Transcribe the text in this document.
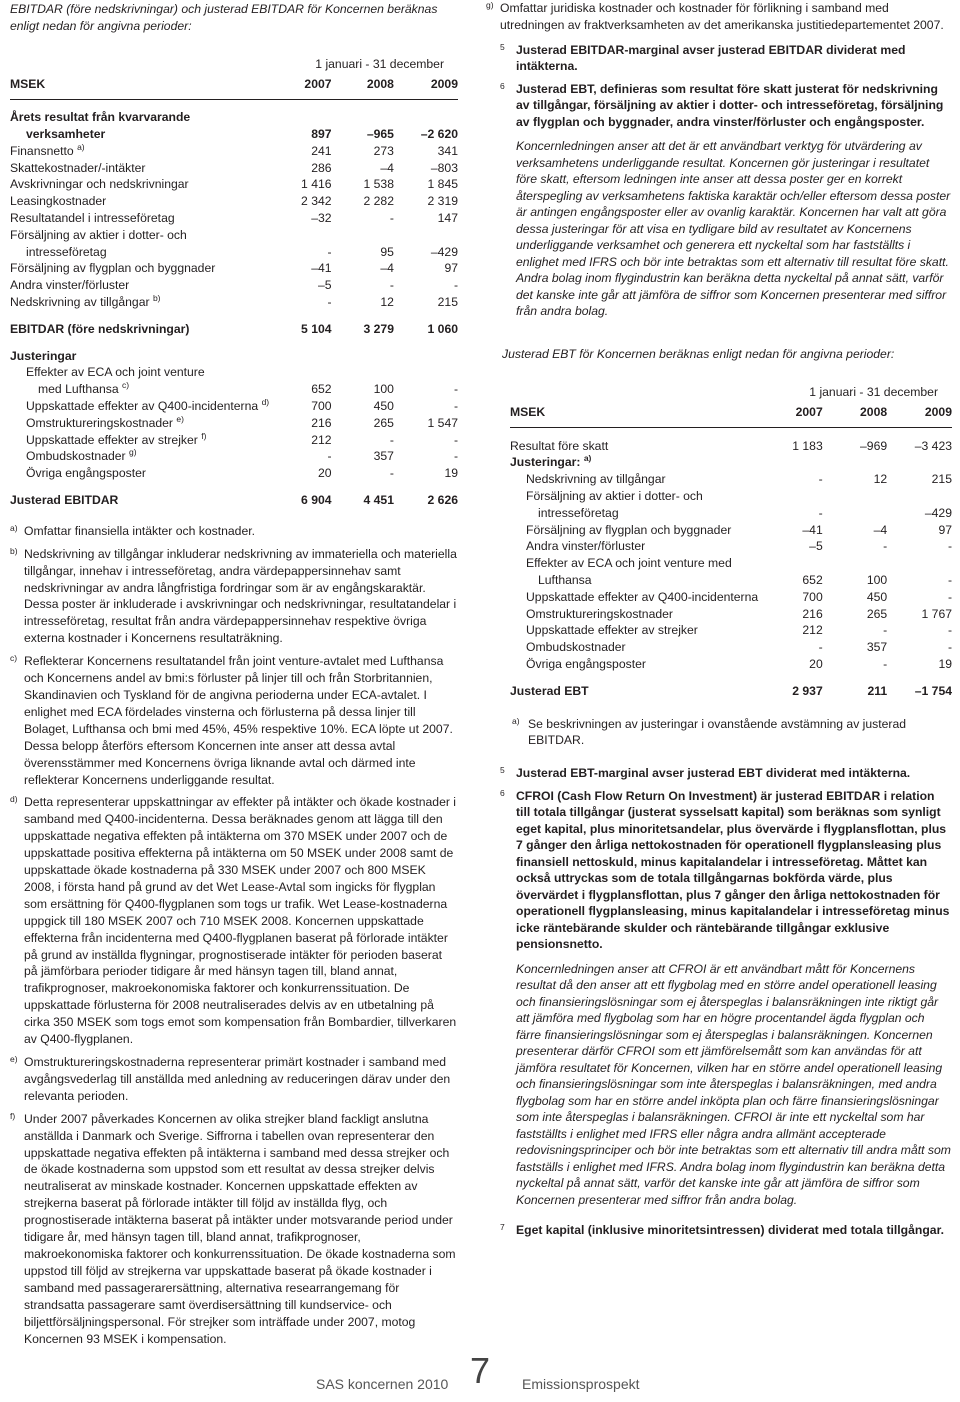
EBITDAR (före nedskrivningar) och justerad EBITDAR för Koncernen beräknas enligt nedan för angivna perioder:

1 januari - 31 december
MSEK	2007	2008	2009

Årets resultat från kvarvarande			
verksamheter	897	–965	–2 620
Finansnetto $^{a)}$	241	273	341
Skattekostnader/-intäkter	286	–4	–803
Avskrivningar och nedskrivningar	1 416	1 538	1 845
Leasingkostnader	2 342	2 282	2 319
Resultatandel i intresseföretag	–32	-	147
Försäljning av aktier i dotter- och			
intresseföretag	-	95	–429
Försäljning av flygplan och byggnader	–41	–4	97
Andra vinster/förluster	–5	-	-
Nedskrivning av tillgångar $^{b)}$	-	12	215

EBITDAR (före nedskrivningar)	5 104	3 279	1 060

Justeringar			
Effekter av ECA och joint venture			
med Lufthansa $^{c)}$	652	100	-
Uppskattade effekter av Q400-incidenterna $^{d)}$	700	450	-
Omstruktureringskostnader $^{e)}$	216	265	1 547
Uppskattade effekter av strejker $^{f)}$	212	-	-
Ombudskostnader $^{g)}$	-	357	-
Övriga engångsposter	20	-	19

Justerad EBITDAR	6 904	4 451	2 626
a) Omfattar finansiella intäkter och kostnader.
b) Nedskrivning av tillgångar inkluderar nedskrivning av immateriella och materiella tillgångar, innehav i intresseföretag, andra värdepappersinnehav samt nedskrivningar av andra långfristiga fordringar som är av engångskaraktär. Dessa poster är inkluderade i avskrivningar och nedskrivningar, resultatandelar i intresseföretag, resultat från andra värdepappersinnehav respektive övriga externa kostnader i Koncernens resultaträkning.
c) Reflekterar Koncernens resultatandel från joint venture-avtalet med Lufthansa och Koncernens andel av bmi:s förluster på linjer till och från Storbritannien, Skandinavien och Tyskland för de angivna perioderna under ECA-avtalet. I enlighet med ECA fördelades vinsterna och förlusterna på dessa linjer till Bolaget, Lufthansa och bmi med 45%, 45% respektive 10%. ECA löpte ut 2007. Dessa belopp återförs eftersom Koncernen inte anser att dessa avtal överensstämmer med Koncernens övriga liknande avtal och därmed inte reflekterar Koncernens underliggande resultat.
d) Detta representerar uppskattningar av effekter på intäkter och ökade kostnader i samband med Q400-incidenterna. Dessa beräknades genom att lägga till den uppskattade negativa effekten på intäkterna om 370 MSEK under 2007 och de uppskattade positiva effekterna på intäkterna om 50 MSEK under 2008 samt de uppskattade ökade kostnaderna på 330 MSEK under 2007 och 800 MSEK 2008, i första hand på grund av det Wet Lease-Avtal som ingicks för flygplan som ersättning för Q400-flygplanen som togs ur trafik. Wet Lease-kostnaderna uppgick till 180 MSEK 2007 och 710 MSEK 2008. Koncernen uppskattade effekterna från incidenterna med Q400-flygplanen baserat på förlorade intäkter på grund av inställda flygningar, prognostiserade intäkter för perioden baserat på jämförbara perioder tidigare år med hänsyn tagen till, bland annat, trafikprognoser, makroekonomiska faktorer och konkurrenssituation. De uppskattade förlusterna för 2008 neutraliserades delvis av en utbetalning på cirka 350 MSEK som togs emot som kompensation från Bombardier, tillverkaren av Q400-flygplanen.
e) Omstruktureringskostnaderna representerar primärt kostnader i samband med avgångsvederlag till anställda med anledning av reduceringen därav under den relevanta perioden.
f) Under 2007 påverkades Koncernen av olika strejker bland fackligt anslutna anställda i Danmark och Sverige. Siffrorna i tabellen ovan representerar den uppskattade negativa effekten på intäkterna i samband med dessa strejker och de ökade kostnaderna som uppstod som ett resultat av dessa strejker delvis neutraliserat av minskade kostnader. Koncernen uppskattade effekten av strejkerna baserat på förlorade intäkter till följd av inställda flyg, och prognostiserade intäkterna baserat på intäkter under motsvarande period under tidigare år, med hänsyn tagen till, bland annat, trafikprognoser, makroekonomiska faktorer och konkurrenssituation. De ökade kostnaderna som uppstod till följd av strejkerna var uppskattade baserat på ökade kostnader i samband med passagerarersättning, alternativa researrangemang för strandsatta passagerare samt överdisersättning till kundservice- och biljettförsäljningspersonal. För strejker som inträffade under 2007, motog Koncernen 93 MSEK i kompensation.
g) Omfattar juridiska kostnader och kostnader för förlikning i samband med utredningen av fraktverksamheten av det amerikanska justitiedepartementet 2007.
5 Justerad EBITDAR-marginal avser justerad EBITDAR dividerat med intäkterna.
6 Justerad EBT, definieras som resultat före skatt justerat för nedskrivning av tillgångar, försäljning av aktier i dotter- och intresseföretag, försäljning av flygplan och byggnader, andra vinster/förluster och engångsposter.

Koncernledningen anser att det är ett användbart verktyg för utvärdering av verksamhetens underliggande resultat. Koncernen gör justeringar i resultatet före skatt, eftersom ledningen inte anser att dessa poster ger en korrekt återspegling av verksamhetens faktiska karaktär och/eller eftersom dessa poster är antingen engångsposter eller av ovanlig karaktär. Koncernen har valt att göra dessa justeringar för att visa en tydligare bild av resultatet av Koncernens underliggande verksamhet och generera ett nyckeltal som har fastställts i enlighet med IFRS och bör inte betraktas som ett alternativ till resultat före skatt. Andra bolag inom flygindustrin kan beräkna detta nyckeltal på annat sätt, varför det kanske inte går att jämföra de siffror som Koncernen presenterar med siffror från andra bolag.

Justerad EBT för Koncernen beräknas enligt nedan för angivna perioder:

1 januari - 31 december
MSEK	2007	2008	2009

Resultat före skatt	1 183	–969	–3 423
Justeringar: $^{a)}$			
Nedskrivning av tillgångar	-	12	215
Försäljning av aktier i dotter- och			
intresseföretag	-		–429
Försäljning av flygplan och byggnader	–41	–4	97
Andra vinster/förluster	–5	-	-
Effekter av ECA och joint venture med			
Lufthansa	652	100	-
Uppskattade effekter av Q400-incidenterna	700	450	-
Omstruktureringskostnader	216	265	1 767
Uppskattade effekter av strejker	212	-	-
Ombudskostnader	-	357	-
Övriga engångsposter	20	-	19

Justerad EBT	2 937	211	–1 754
a) Se beskrivningen av justeringar i ovanstående avstämning av justerad EBITDAR.
5 Justerad EBT-marginal avser justerad EBT dividerat med intäkterna.
6 CFROI (Cash Flow Return On Investment) är justerad EBITDAR i relation till totala tillgångar (justerat sysselsatt kapital) som beräknas som synligt eget kapital, plus minoritetsandelar, plus övervärde i flygplansflottan, plus 7 gånger den årliga nettokostnaden för operationell flygplansleasing plus finansiell nettoskuld, minus kapitalandelar i intresseföretag. Måttet kan också uttryckas som de totala tillgångarnas bokförda värde, plus övervärdet i flygplansflottan, plus 7 gånger den årliga nettokostnaden för operationell flygplansleasing, minus kapitalandelar i intresseföretag minus icke räntebärande skulder och räntebärande tillgångar exklusive pensionsnetto.

Koncernledningen anser att CFROI är ett användbart mått för Koncernens resultat då den anser att ett flygbolag med en större andel operationell leasing och finansieringslösningar som ej återspeglas i balansräkningen inte riktigt går att jämföra med flygbolag som har en högre procentandel ägda flygplan och färre finansieringslösningar som ej återspeglas i balansräkningen. Koncernen presenterar därför CFROI som ett jämförelsemått som kan användas för att jämföra resultatet för Koncernen, vilken har en större andel operationell leasing och finansieringslösningar som inte återspeglas i balansräkningen, med andra flygbolag som har en större andel inköpta plan och färre finansieringslösningar som inte återspeglas i balansräkningen. CFROI är inte ett nyckeltal som har fastställts i enlighet med IFRS eller några andra allmänt accepterade redovisningsprinciper och bör inte betraktas som ett alternativ till andra mått som fastställs i enlighet med IFRS. Andra bolag inom flygindustrin kan beräkna detta nyckeltal på annat sätt, varför det kanske inte går att jämföra de siffror som Koncernen presenterar med siffror från andra bolag.

7 Eget kapital (inklusive minoritetsintressen) dividerat med totala tillgångar.
SAS koncernen 2010 7 Emissionsprospekt
